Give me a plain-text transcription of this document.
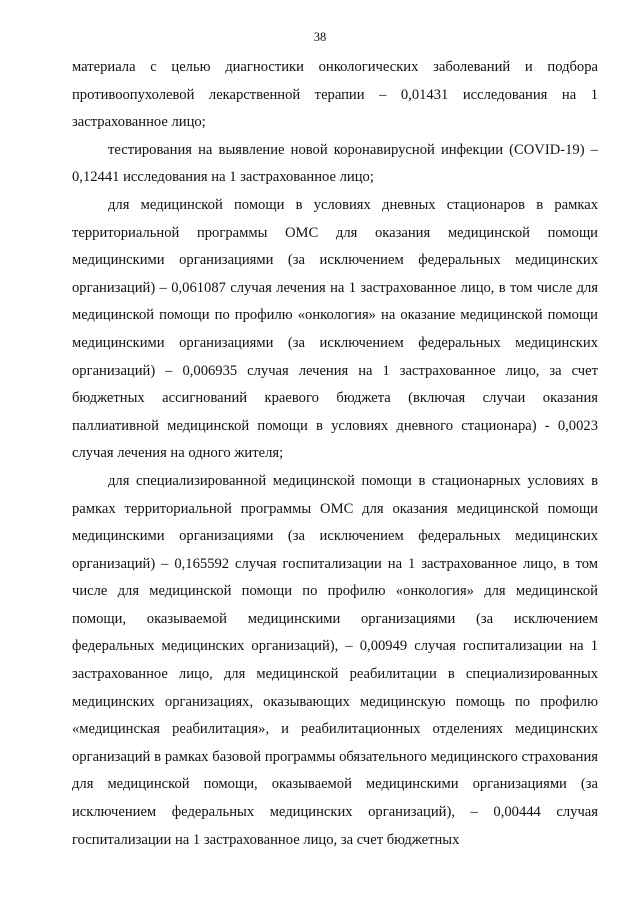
38

материала с целью диагностики онкологических заболеваний и подбора противоопухолевой лекарственной терапии – 0,01431 исследования на 1 застрахованное лицо;

тестирования на выявление новой коронавирусной инфекции (COVID-19) – 0,12441 исследования на 1 застрахованное лицо;

для медицинской помощи в условиях дневных стационаров в рамках территориальной программы ОМС для оказания медицинской помощи медицинскими организациями (за исключением федеральных медицинских организаций) – 0,061087 случая лечения на 1 застрахованное лицо, в том числе для медицинской помощи по профилю «онкология» на оказание медицинской помощи медицинскими организациями (за исключением федеральных медицинских организаций) – 0,006935 случая лечения на 1 застрахованное лицо, за счет бюджетных ассигнований краевого бюджета (включая случаи оказания паллиативной медицинской помощи в условиях дневного стационара) - 0,0023 случая лечения на одного жителя;

для специализированной медицинской помощи в стационарных условиях в рамках территориальной программы ОМС для оказания медицинской помощи медицинскими организациями (за исключением федеральных медицинских организаций) – 0,165592 случая госпитализации на 1 застрахованное лицо, в том числе для медицинской помощи по профилю «онкология» для медицинской помощи, оказываемой медицинскими организациями (за исключением федеральных медицинских организаций), – 0,00949 случая госпитализации на 1 застрахованное лицо, для медицинской реабилитации в специализированных медицинских организациях, оказывающих медицинскую помощь по профилю «медицинская реабилитация», и реабилитационных отделениях медицинских организаций в рамках базовой программы обязательного медицинского страхования для медицинской помощи, оказываемой медицинскими организациями (за исключением федеральных медицинских организаций), – 0,00444 случая госпитализации на 1 застрахованное лицо, за счет бюджетных
